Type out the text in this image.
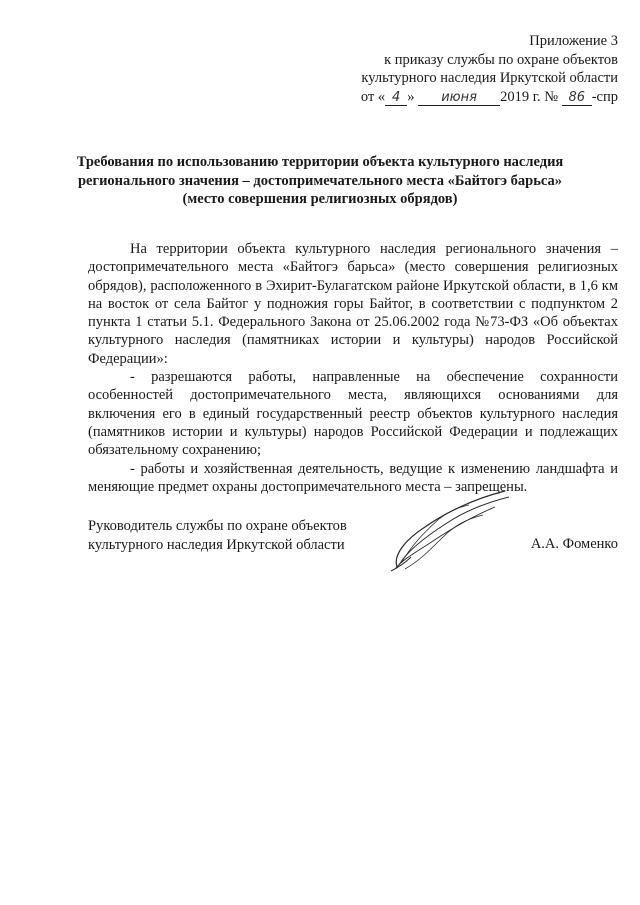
Приложение 3
к приказу службы по охране объектов
культурного наследия Иркутской области
от « 4 » июня 2019 г. № 86 -спр
Требования по использованию территории объекта культурного наследия
регионального значения – достопримечательного места «Байтогэ барьса»
(место совершения религиозных обрядов)

На территории объекта культурного наследия регионального значения – достопримечательного места «Байтогэ барьса» (место совершения религиозных обрядов), расположенного в Эхирит-Булагатском районе Иркутской области, в 1,6 км на восток от села Байтог у подножия горы Байтог, в соответствии с подпунктом 2 пункта 1 статьи 5.1. Федерального Закона от 25.06.2002 года №73-ФЗ «Об объектах культурного наследия (памятниках истории и культуры) народов Российской Федерации»:

- разрешаются работы, направленные на обеспечение сохранности особенностей достопримечательного места, являющихся основаниями для включения его в единый государственный реестр объектов культурного наследия (памятников истории и культуры) народов Российской Федерации и подлежащих обязательному сохранению;

- работы и хозяйственная деятельность, ведущие к изменению ландшафта и меняющие предмет охраны достопримечательного места – запрещены.

Руководитель службы по охране объектов
культурного наследия Иркутской области	А.А. Фоменко
